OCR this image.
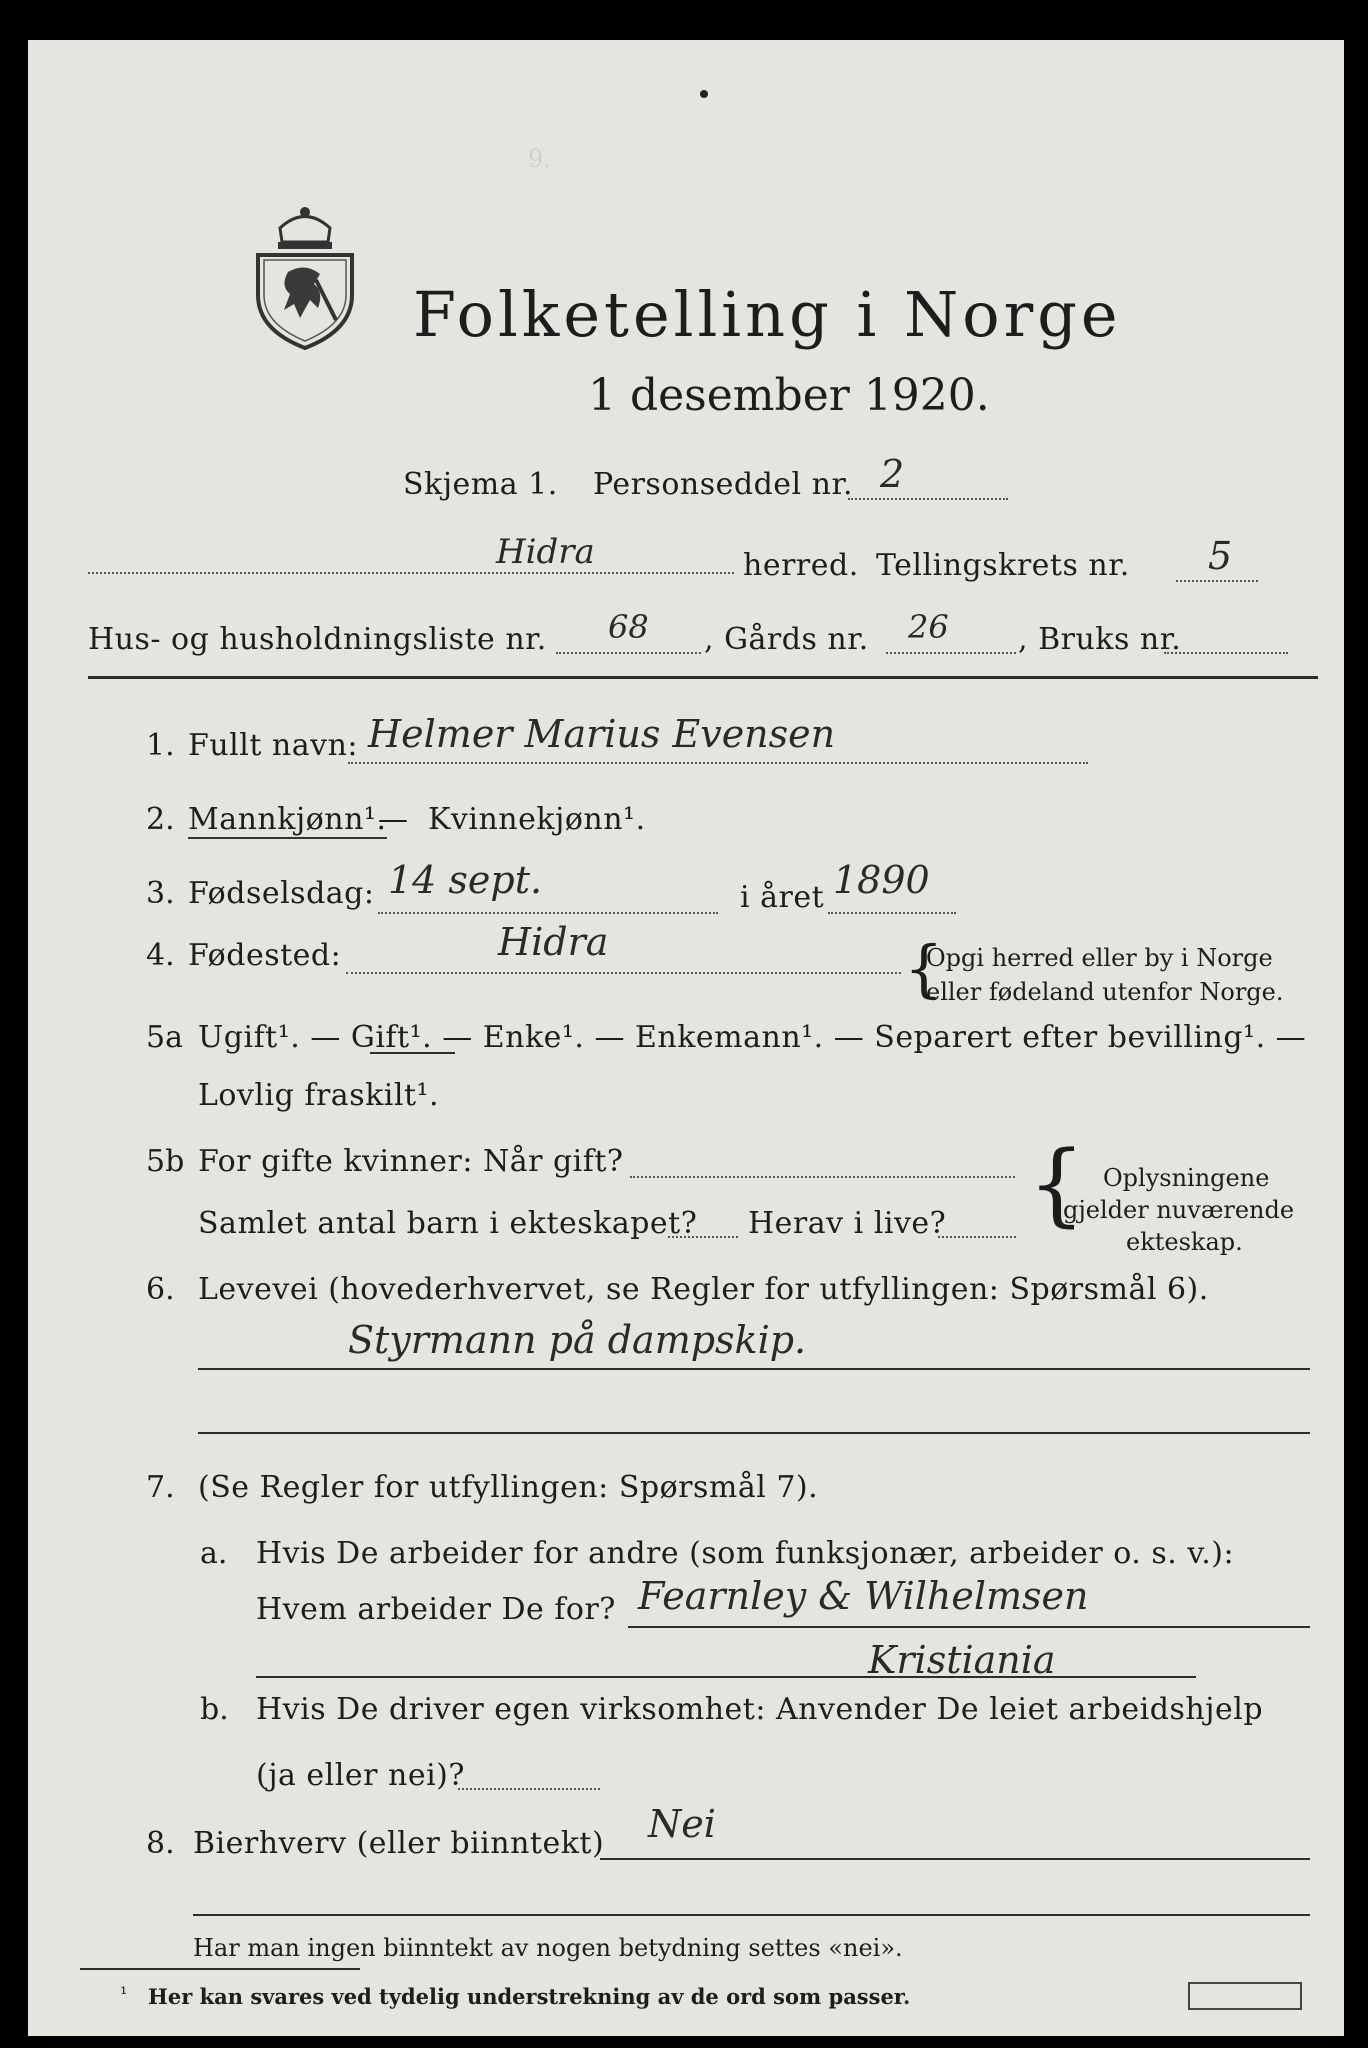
9.
Folketelling i Norge
1 desember 1920.
Skjema 1. Personseddel nr. 2
Hidra	herred. Tellingskrets nr. 5
Hus- og husholdningsliste nr. 68 , Gårds nr. 26 , Bruks nr.
1. Fullt navn: Helmer Marius Evensen
2. Mannkjønn¹.
— Kvinnekjønn¹.
3. Fødselsdag: 14 sept.	i året 1890
4. Fødested:	Hidra	{
Opgi herred eller by i Norge
eller fødeland utenfor Norge.
5a Ugift¹. — Gift¹. — Enke¹. — Enkemann¹. — Separert efter bevilling¹. —
Lovlig fraskilt¹.
5b For gifte kvinner: Når gift?
Samlet antal barn i ekteskapet? Herav i live? { Oplysningene
gjelder nuværende
ekteskap.
6. Levevei (hovederhvervet, se Regler for utfyllingen: Spørsmål 6).
Styrmann på dampskip.
7. (Se Regler for utfyllingen: Spørsmål 7).
a. Hvis De arbeider for andre (som funksjonær, arbeider o. s. v.):
Hvem arbeider De for? Fearnley & Wilhelmsen
Kristiania
b. Hvis De driver egen virksomhet: Anvender De leiet arbeidshjelp
(ja eller nei)?
8. Bierhverv (eller biinntekt) Nei
Har man ingen biinntekt av nogen betydning settes «nei».
¹ Her kan svares ved tydelig understrekning av de ord som passer.
